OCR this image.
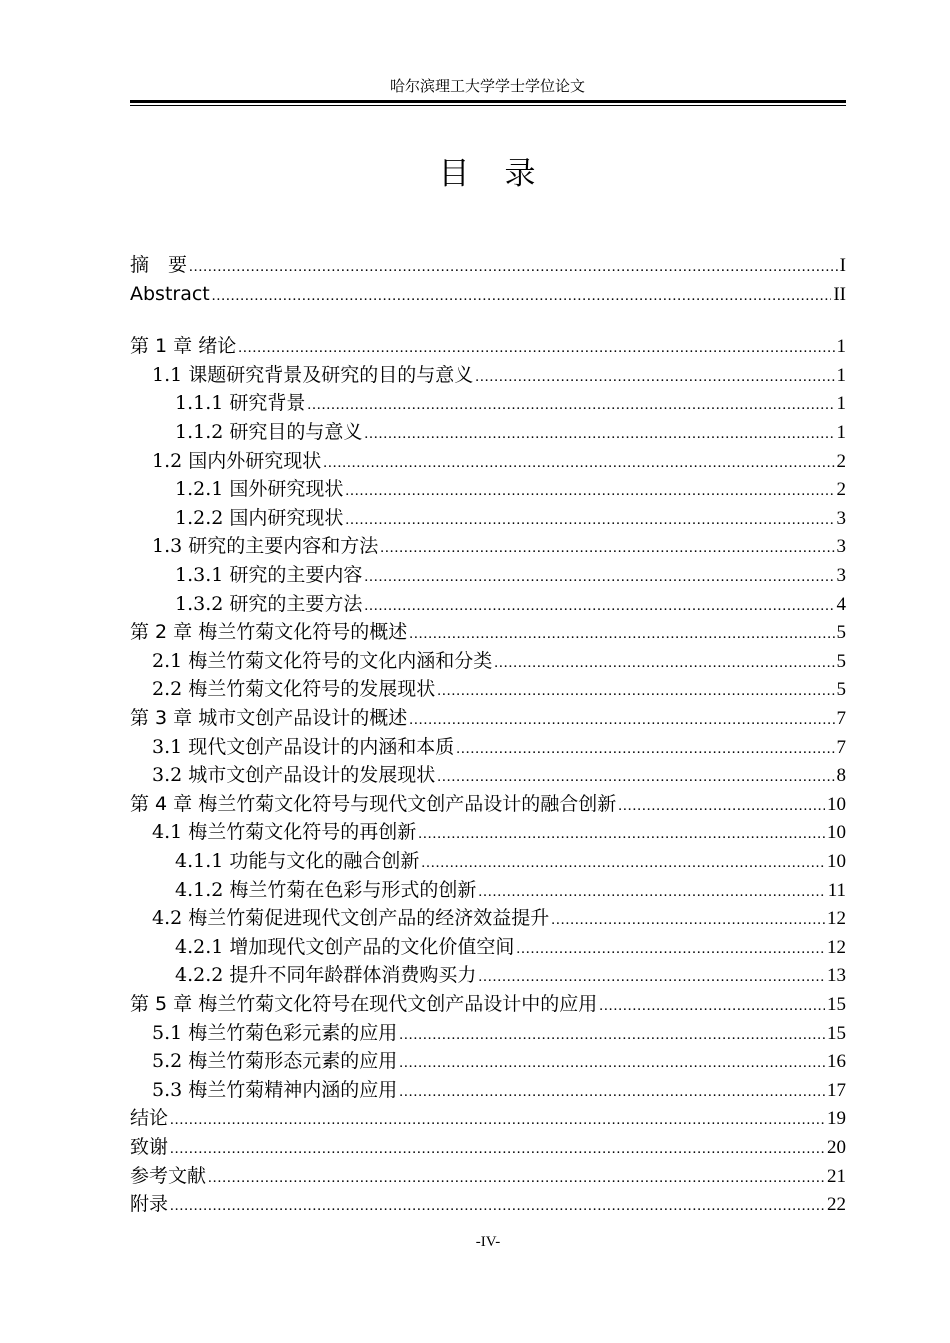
哈尔滨理工大学学士学位论文
目　录
摘　要 .....	I
Abstract .....	II
第 1 章 绪论 .....	1
1.1 课题研究背景及研究的目的与意义 .....	1
1.1.1 研究背景 .....	1
1.1.2 研究目的与意义 .....	1
1.2 国内外研究现状 .....	2
1.2.1 国外研究现状 .....	2
1.2.2 国内研究现状 .....	3
1.3 研究的主要内容和方法 .....	3
1.3.1 研究的主要内容 .....	3
1.3.2 研究的主要方法 .....	4
第 2 章 梅兰竹菊文化符号的概述 .....	5
2.1 梅兰竹菊文化符号的文化内涵和分类 .....	5
2.2 梅兰竹菊文化符号的发展现状 .....	5
第 3 章 城市文创产品设计的概述 .....	7
3.1 现代文创产品设计的内涵和本质 .....	7
3.2 城市文创产品设计的发展现状 .....	8
第 4 章 梅兰竹菊文化符号与现代文创产品设计的融合创新 .....	10
4.1 梅兰竹菊文化符号的再创新 .....	10
4.1.1 功能与文化的融合创新 .....	10
4.1.2 梅兰竹菊在色彩与形式的创新 .....	11
4.2 梅兰竹菊促进现代文创产品的经济效益提升 .....	12
4.2.1 增加现代文创产品的文化价值空间 .....	12
4.2.2 提升不同年龄群体消费购买力 .....	13
第 5 章 梅兰竹菊文化符号在现代文创产品设计中的应用 .....	15
5.1 梅兰竹菊色彩元素的应用 .....	15
5.2 梅兰竹菊形态元素的应用 .....	16
5.3 梅兰竹菊精神内涵的应用 .....	17
结论 .....	19
致谢 .....	20
参考文献 .....	21
附录 .....	22
-IV-
